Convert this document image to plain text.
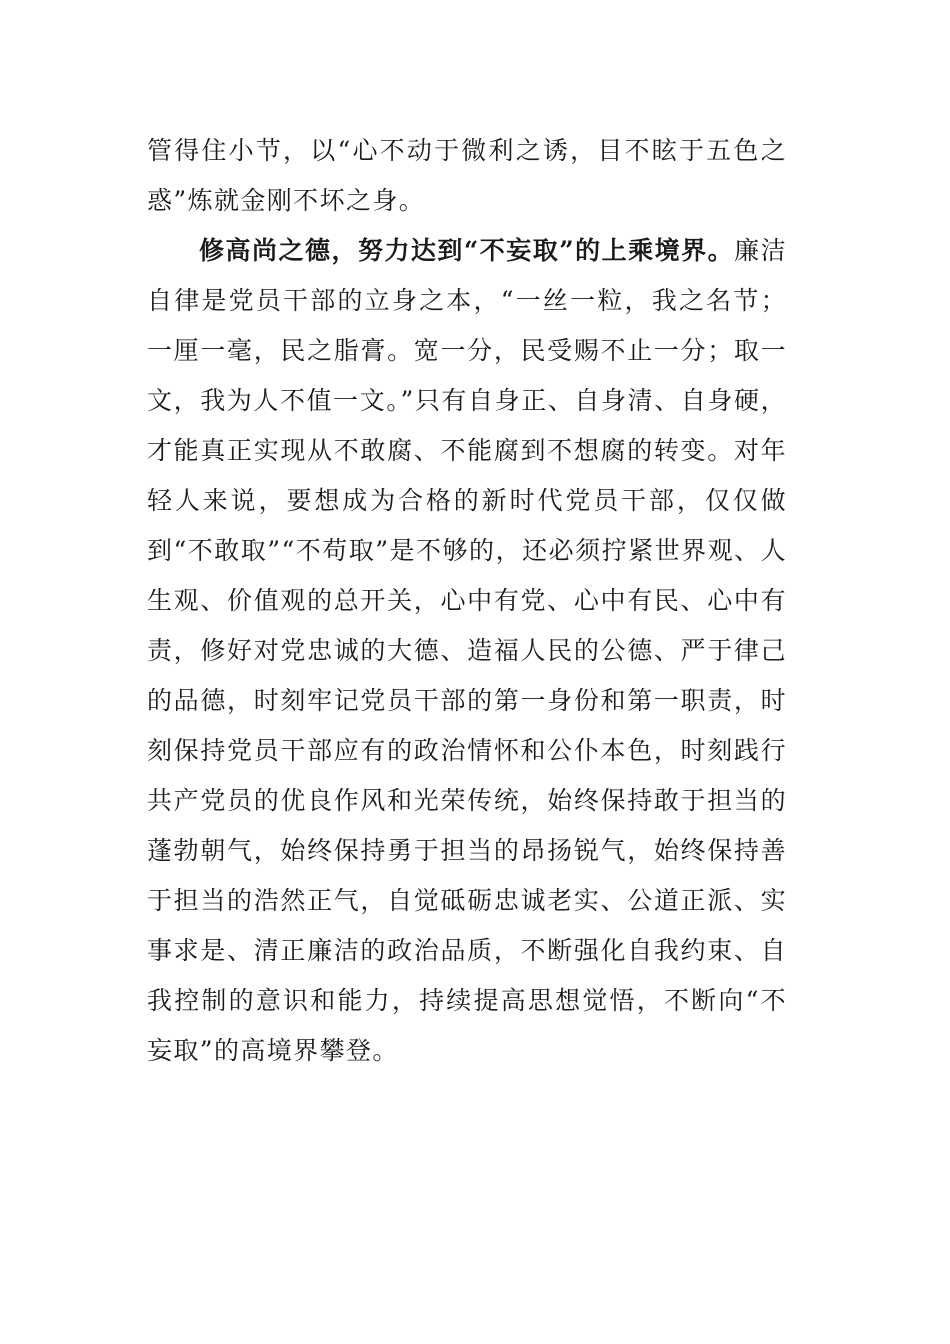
管得住小节，以“心不动于微利之诱，目不眩于五色之惑”炼就金刚不坏之身。

修高尚之德，努力达到“不妄取”的上乘境界。廉洁自律是党员干部的立身之本，“一丝一粒，我之名节；一厘一毫，民之脂膏。宽一分，民受赐不止一分；取一文，我为人不值一文。”只有自身正、自身清、自身硬，才能真正实现从不敢腐、不能腐到不想腐的转变。对年轻人来说，要想成为合格的新时代党员干部，仅仅做到“不敢取”“不苟取”是不够的，还必须拧紧世界观、人生观、价值观的总开关，心中有党、心中有民、心中有责，修好对党忠诚的大德、造福人民的公德、严于律己的品德，时刻牢记党员干部的第一身份和第一职责，时刻保持党员干部应有的政治情怀和公仆本色，时刻践行共产党员的优良作风和光荣传统，始终保持敢于担当的蓬勃朝气，始终保持勇于担当的昂扬锐气，始终保持善于担当的浩然正气，自觉砥砺忠诚老实、公道正派、实事求是、清正廉洁的政治品质，不断强化自我约束、自我控制的意识和能力，持续提高思想觉悟，不断向“不妄取”的高境界攀登。
